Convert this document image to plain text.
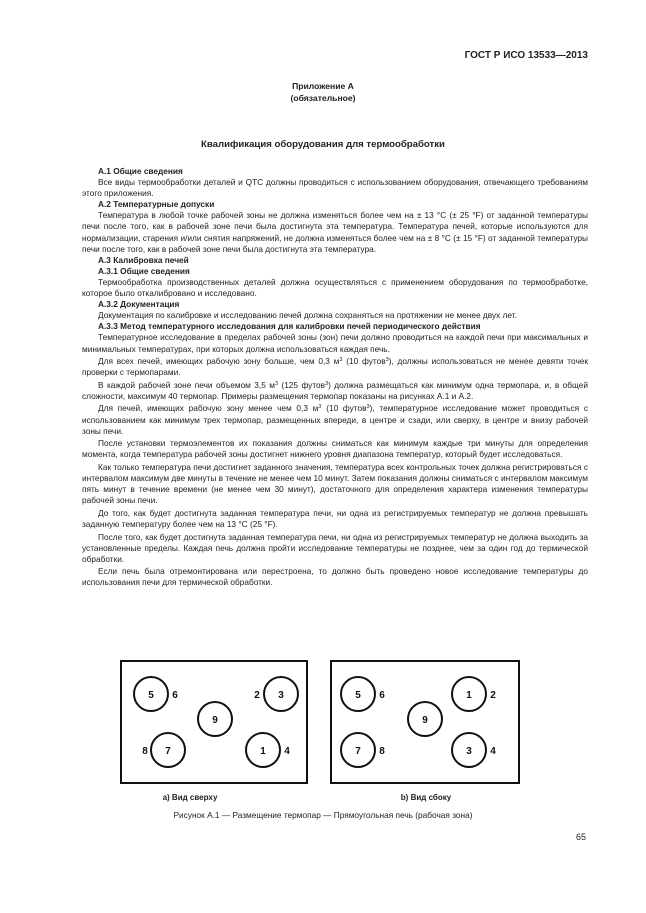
ГОСТ Р ИСО 13533—2013
Приложение А
(обязательное)
Квалификация оборудования для термообработки
А.1 Общие сведения

Все виды термообработки деталей и QTC должны проводиться с использованием оборудования, отвечающего требованиям этого приложения.

А.2 Температурные допуски

Температура в любой точке рабочей зоны не должна изменяться более чем на ± 13 °C (± 25 °F) от заданной температуры печи после того, как в рабочей зоне печи была достигнута эта температура. Температура печей, которые используются для нормализации, старения и/или снятия напряжений, не должна изменяться более чем на ± 8 °C (± 15 °F) от заданной температуры печи после того, как в рабочей зоне печи была достигнута эта температура.

А.3 Калибровка печей
А.3.1 Общие сведения

Термообработка производственных деталей должна осуществляться с применением оборудования по термообработке, которое было откалибровано и исследовано.

А.3.2 Документация

Документация по калибровке и исследованию печей должна сохраняться на протяжении не менее двух лет.

А.3.3 Метод температурного исследования для калибровки печей периодического действия

Температурное исследование в пределах рабочей зоны (зон) печи должно проводиться на каждой печи при максимальных и минимальных температурах, при которых должна использоваться каждая печь.

Для всех печей, имеющих рабочую зону больше, чем 0,3 $м^3$ (10 футов$^3$), должны использоваться не менее девяти точек проверки с термопарами.

В каждой рабочей зоне печи объемом 3,5 $м^3$ (125 футов$^3$) должна размещаться как минимум одна термопара, и, в общей сложности, максимум 40 термопар. Примеры размещения термопар показаны на рисунках А.1 и А.2.

Для печей, имеющих рабочую зону менее чем 0,3 $м^3$ (10 футов$^3$), температурное исследование может проводиться с использованием как минимум трех термопар, размещенных впереди, в центре и сзади, или сверху, в центре и внизу рабочей зоны печи.

После установки термоэлементов их показания должны сниматься как минимум каждые три минуты для определения момента, когда температура рабочей зоны достигнет нижнего уровня диапазона температур, который будет исследоваться.

Как только температура печи достигнет заданного значения, температура всех контрольных точек должна регистрироваться с интервалом максимум две минуты в течение не менее чем 10 минут. Затем показания должны сниматься с интервалом максимум пять минут в течение времени (не менее чем 30 минут), достаточного для определения характера изменения температуры рабочей зоны печи.

До того, как будет достигнута заданная температура печи, ни одна из регистрируемых температур не должна превышать заданную температуру более чем на 13 °C (25 °F).

После того, как будет достигнута заданная температура печи, ни одна из регистрируемых температур не должна выходить за установленные пределы. Каждая печь должна пройти исследование температуры не позднее, чем за один год до термической обработки.

Если печь была отремонтирована или перестроена, то должно быть проведено новое исследование температуры до использования печи для термической обработки.

5	3
9
7	1
6	2
8	4
5	1
9
7	3
6	2
8	4
а) Вид сверху	b) Вид сбоку
Рисунок А.1 — Размещение термопар — Прямоугольная печь (рабочая зона)
65
